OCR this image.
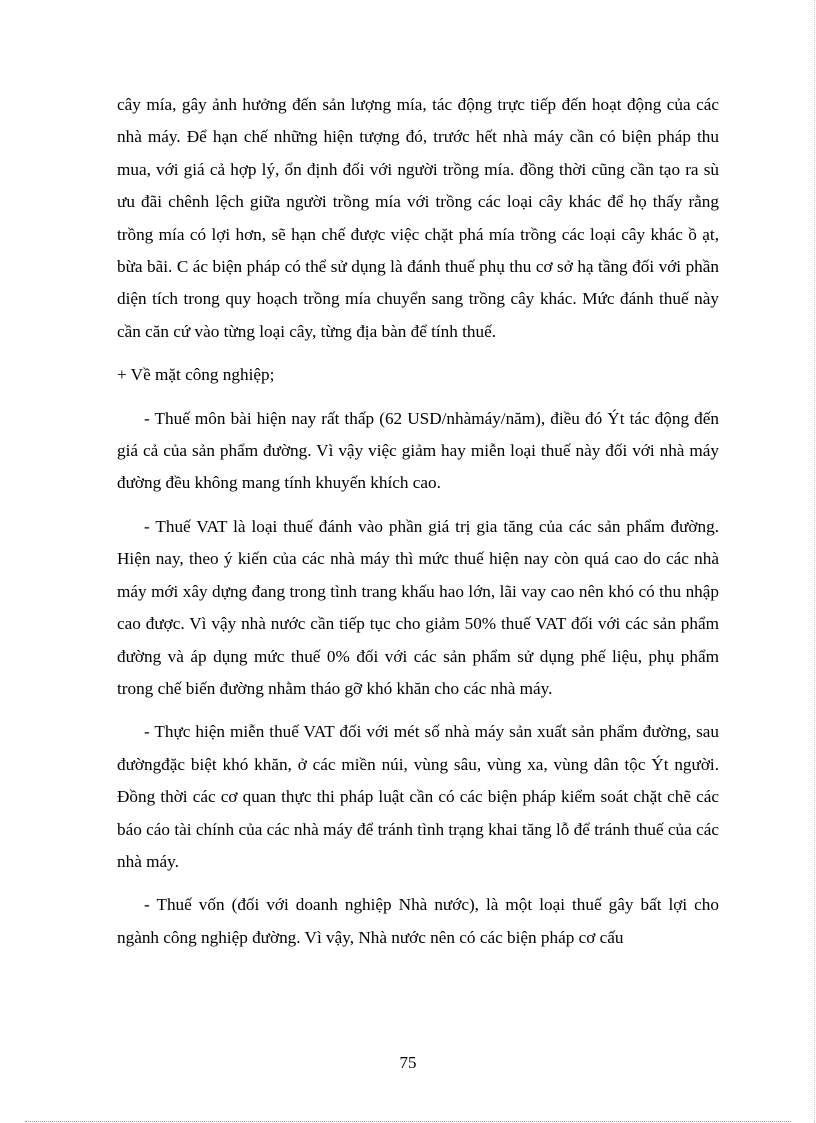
cây mía, gây ảnh hưởng đến sản lượng mía, tác động trực tiếp đến hoạt động của các nhà máy. Để hạn chế những hiện tượng đó, trước hết nhà máy cần có biện pháp thu mua, với giá cả hợp lý, ổn định đối với người trồng mía. đồng thời cũng cần tạo ra sù ưu đãi chênh lệch giữa người trồng mía với trồng các loại cây khác để họ thấy rằng trồng mía có lợi hơn, sẽ hạn chế được việc chặt phá mía trồng các loại cây khác ồ ạt, bừa bãi. C ác biện pháp có thể sử dụng là đánh thuế phụ thu cơ sở hạ tầng đối với phần diện tích trong quy hoạch trồng mía chuyển sang trồng cây khác. Mức đánh thuế này cần căn cứ vào từng loại cây, từng địa bàn để tính thuế.

+ Về mặt công nghiệp;

- Thuế môn bài hiện nay rất thấp (62 USD/nhàmáy/năm), điều đó Ýt tác động đến giá cả của sản phẩm đường. Vì vậy việc giảm hay miễn loại thuế này đối với nhà máy đường đều không mang tính khuyến khích cao.

- Thuế VAT là loại thuế đánh vào phần giá trị gia tăng của các sản phẩm đường. Hiện nay, theo ý kiến của các nhà máy thì mức thuế hiện nay còn quá cao do các nhà máy mới xây dựng đang trong tình trang khấu hao lớn, lãi vay cao nên khó có thu nhập cao được. Vì vậy nhà nước cần tiếp tục cho giảm 50% thuế VAT đối với các sản phẩm đường và áp dụng mức thuế 0% đối với các sản phẩm sử dụng phế liệu, phụ phẩm trong chế biến đường nhằm tháo gỡ khó khăn cho các nhà máy.

- Thực hiện miễn thuế VAT đối với mét số nhà máy sản xuất sản phẩm đường, sau đườngđặc biệt khó khăn, ở các miền núi, vùng sâu, vùng xa, vùng dân tộc Ýt người. Đồng thời các cơ quan thực thi pháp luật cần có các biện pháp kiểm soát chặt chẽ các báo cáo tài chính của các nhà máy để tránh tình trạng khai tăng lỗ để tránh thuế của các nhà máy.

- Thuế vốn (đối với doanh nghiệp Nhà nước), là một loại thuế gây bất lợi cho ngành công nghiệp đường. Vì vậy, Nhà nước nên có các biện pháp cơ cấu

75
